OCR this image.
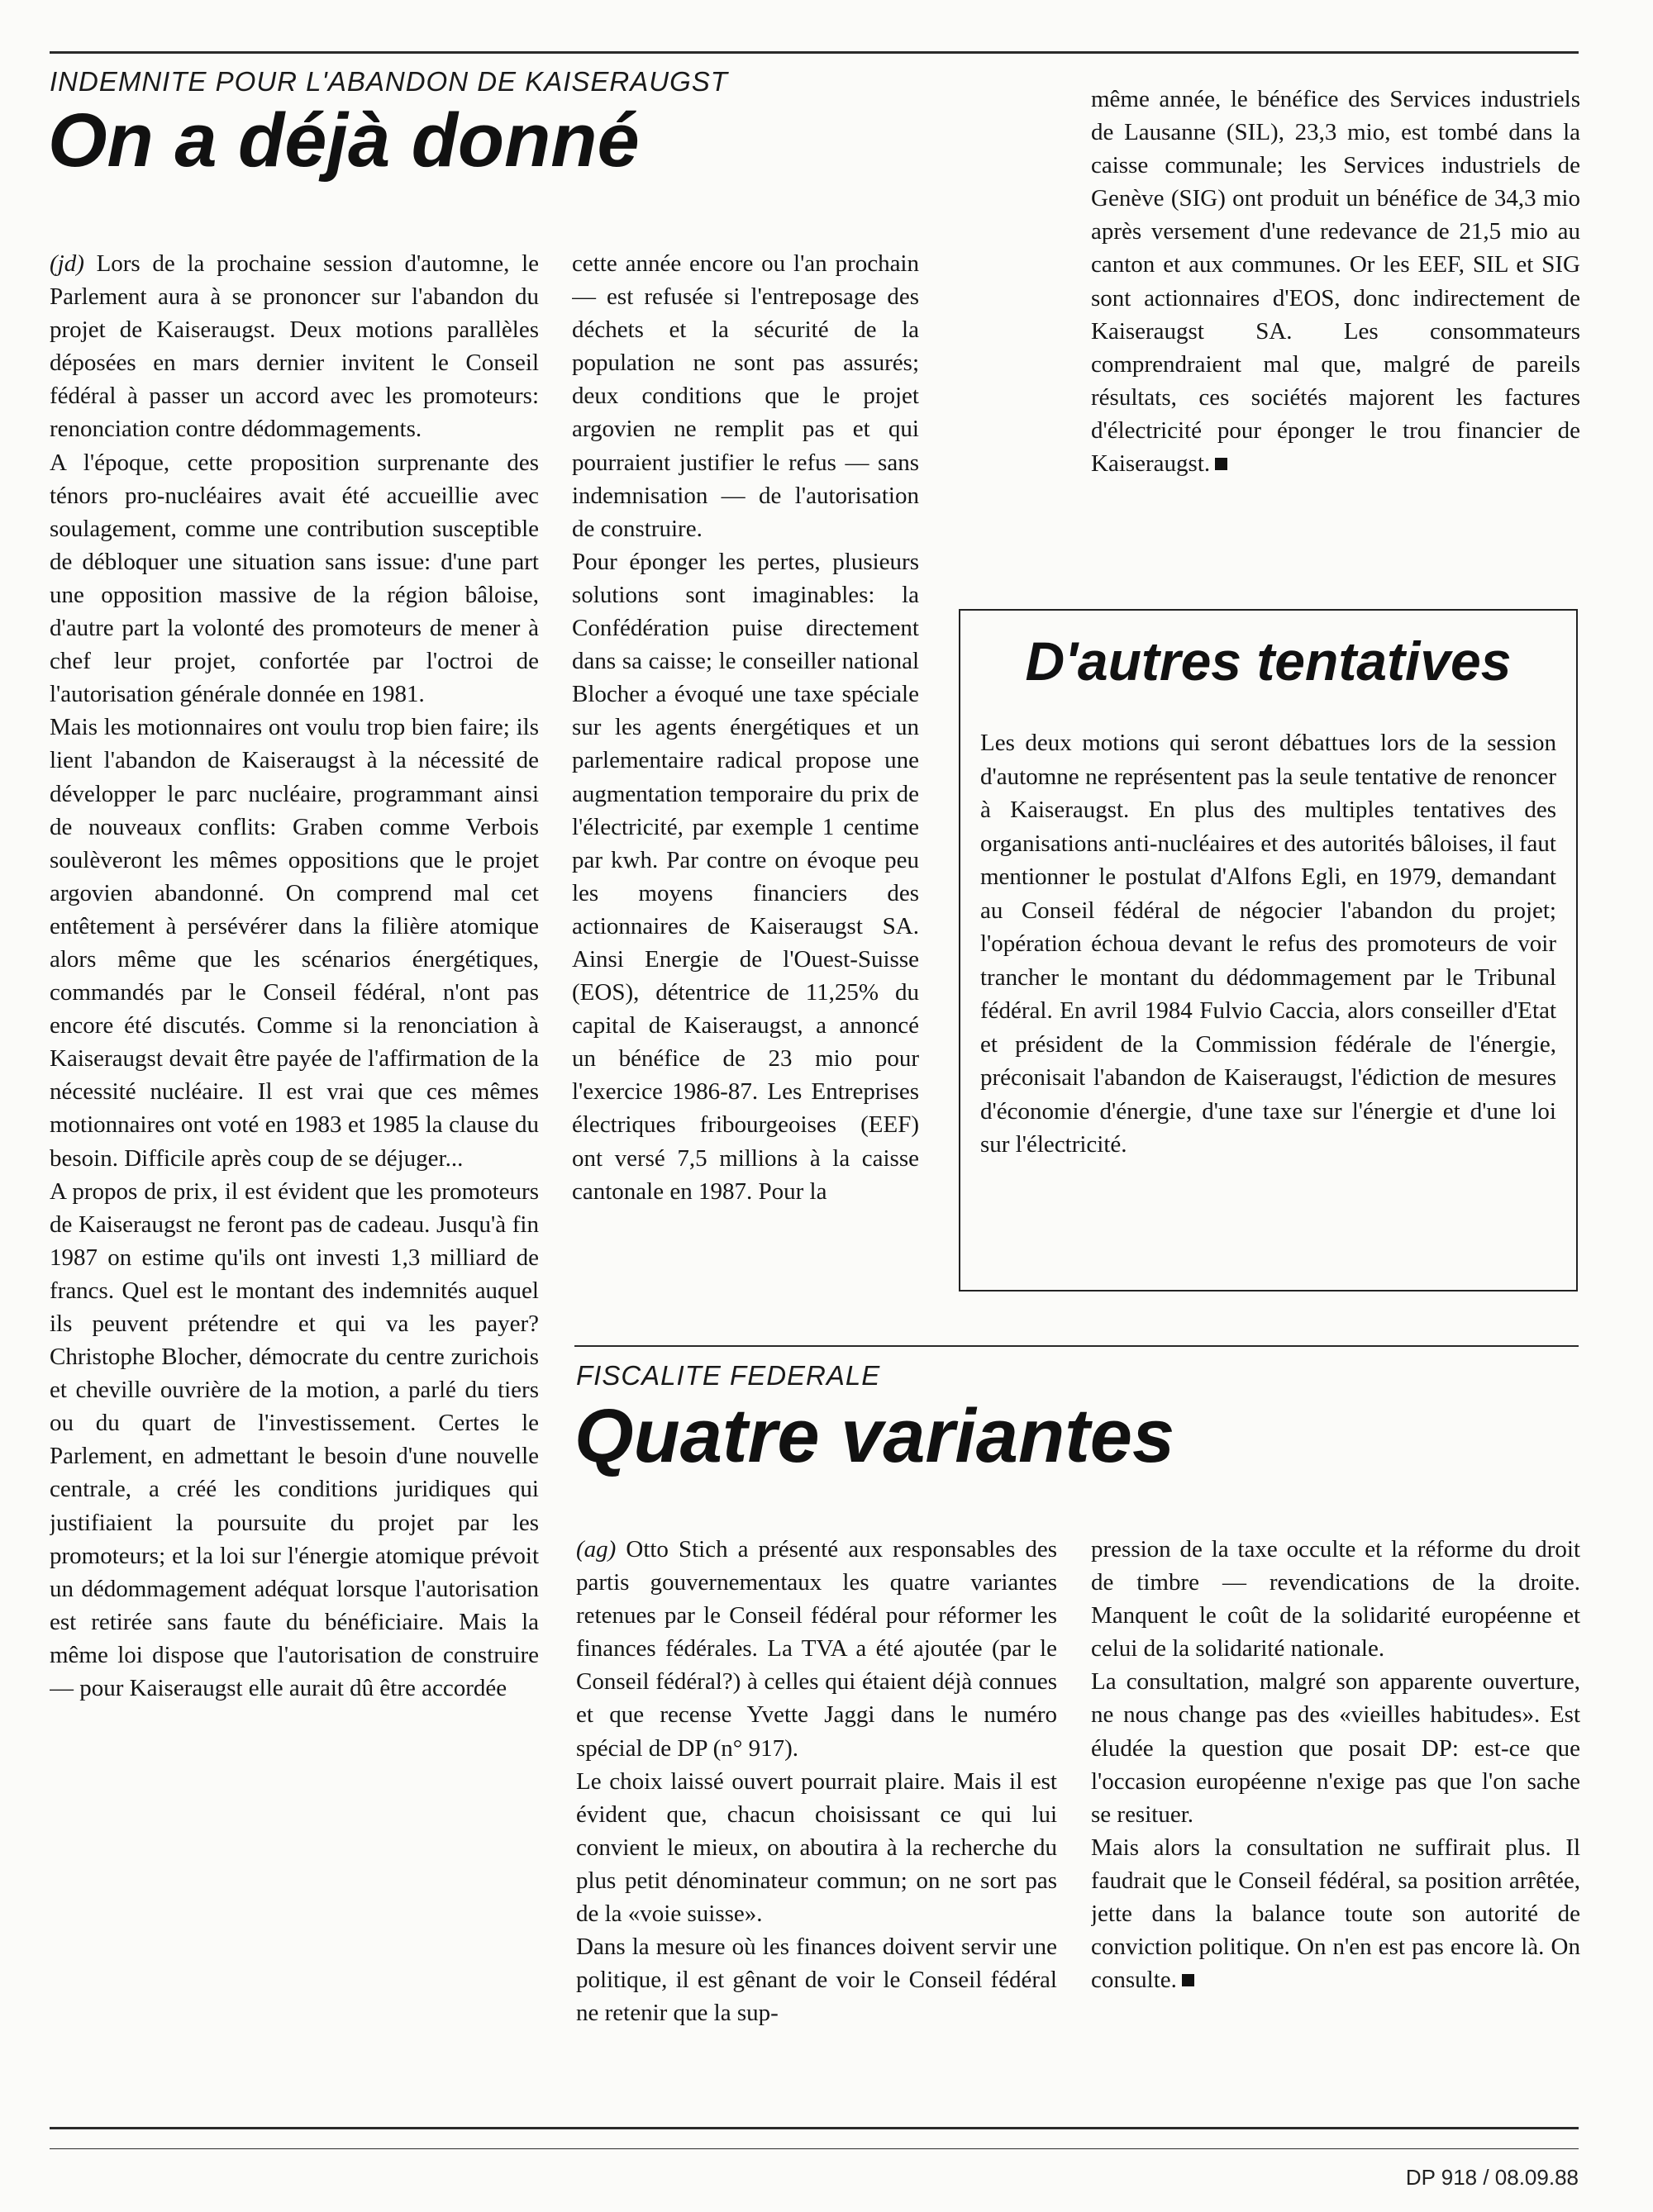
INDEMNITE POUR L'ABANDON DE KAISERAUGST
On a déjà donné

(jd) Lors de la prochaine session d'automne, le Parlement aura à se prononcer sur l'abandon du projet de Kaiseraugst. Deux motions parallèles déposées en mars dernier invitent le Conseil fédéral à passer un accord avec les promoteurs: renonciation contre dédommagements.

A l'époque, cette proposition surprenante des ténors pro-nucléaires avait été accueillie avec soulagement, comme une contribution susceptible de débloquer une situation sans issue: d'une part une opposition massive de la région bâloise, d'autre part la volonté des promoteurs de mener à chef leur projet, confortée par l'octroi de l'autorisation générale donnée en 1981.

Mais les motionnaires ont voulu trop bien faire; ils lient l'abandon de Kaiseraugst à la nécessité de développer le parc nucléaire, programmant ainsi de nouveaux conflits: Graben comme Verbois soulèveront les mêmes oppositions que le projet argovien abandonné. On comprend mal cet entêtement à persévérer dans la filière atomique alors même que les scénarios énergétiques, commandés par le Conseil fédéral, n'ont pas encore été discutés. Comme si la renonciation à Kaiseraugst devait être payée de l'affirmation de la nécessité nucléaire. Il est vrai que ces mêmes motionnaires ont voté en 1983 et 1985 la clause du besoin. Difficile après coup de se déjuger...

A propos de prix, il est évident que les promoteurs de Kaiseraugst ne feront pas de cadeau. Jusqu'à fin 1987 on estime qu'ils ont investi 1,3 milliard de francs. Quel est le montant des indemnités auquel ils peuvent prétendre et qui va les payer? Christophe Blocher, démocrate du centre zurichois et cheville ouvrière de la motion, a parlé du tiers ou du quart de l'investissement. Certes le Parlement, en admettant le besoin d'une nouvelle centrale, a créé les conditions juridiques qui justifiaient la poursuite du projet par les promoteurs; et la loi sur l'énergie atomique prévoit un dédommagement adéquat lorsque l'autorisation est retirée sans faute du bénéficiaire. Mais la même loi dispose que l'autorisation de construire — pour Kaiseraugst elle aurait dû être accordée

cette année encore ou l'an prochain — est refusée si l'entreposage des déchets et la sécurité de la population ne sont pas assurés; deux conditions que le projet argovien ne remplit pas et qui pourraient justifier le refus — sans indemnisation — de l'autorisation de construire.

Pour éponger les pertes, plusieurs solutions sont imaginables: la Confédération puise directement dans sa caisse; le conseiller national Blocher a évoqué une taxe spéciale sur les agents énergétiques et un parlementaire radical propose une augmentation temporaire du prix de l'électricité, par exemple 1 centime par kwh. Par contre on évoque peu les moyens financiers des actionnaires de Kaiseraugst SA. Ainsi Energie de l'Ouest-Suisse (EOS), détentrice de 11,25% du capital de Kaiseraugst, a annoncé un bénéfice de 23 mio pour l'exercice 1986-87. Les Entreprises électriques fribourgeoises (EEF) ont versé 7,5 millions à la caisse cantonale en 1987. Pour la

même année, le bénéfice des Services industriels de Lausanne (SIL), 23,3 mio, est tombé dans la caisse communale; les Services industriels de Genève (SIG) ont produit un bénéfice de 34,3 mio après versement d'une redevance de 21,5 mio au canton et aux communes. Or les EEF, SIL et SIG sont actionnaires d'EOS, donc indirectement de Kaiseraugst SA. Les consommateurs comprendraient mal que, malgré de pareils résultats, ces sociétés majorent les factures d'électricité pour éponger le trou financier de Kaiseraugst.

D'autres tentatives
Les deux motions qui seront débattues lors de la session d'automne ne représentent pas la seule tentative de renoncer à Kaiseraugst. En plus des multiples tentatives des organisations anti-nucléaires et des autorités bâloises, il faut mentionner le postulat d'Alfons Egli, en 1979, demandant au Conseil fédéral de négocier l'abandon du projet; l'opération échoua devant le refus des promoteurs de voir trancher le montant du dédommagement par le Tribunal fédéral. En avril 1984 Fulvio Caccia, alors conseiller d'Etat et président de la Commission fédérale de l'énergie, préconisait l'abandon de Kaiseraugst, l'édiction de mesures d'économie d'énergie, d'une taxe sur l'énergie et d'une loi sur l'électricité.
FISCALITE FEDERALE
Quatre variantes

(ag) Otto Stich a présenté aux responsables des partis gouvernementaux les quatre variantes retenues par le Conseil fédéral pour réformer les finances fédérales. La TVA a été ajoutée (par le Conseil fédéral?) à celles qui étaient déjà connues et que recense Yvette Jaggi dans le numéro spécial de DP (n° 917).

Le choix laissé ouvert pourrait plaire. Mais il est évident que, chacun choisissant ce qui lui convient le mieux, on aboutira à la recherche du plus petit dénominateur commun; on ne sort pas de la «voie suisse».

Dans la mesure où les finances doivent servir une politique, il est gênant de voir le Conseil fédéral ne retenir que la sup-

pression de la taxe occulte et la réforme du droit de timbre — revendications de la droite. Manquent le coût de la solidarité européenne et celui de la solidarité nationale.

La consultation, malgré son apparente ouverture, ne nous change pas des «vieilles habitudes». Est éludée la question que posait DP: est-ce que l'occasion européenne n'exige pas que l'on sache se resituer.

Mais alors la consultation ne suffirait plus. Il faudrait que le Conseil fédéral, sa position arrêtée, jette dans la balance toute son autorité de conviction politique. On n'en est pas encore là. On consulte.

DP 918 / 08.09.88
